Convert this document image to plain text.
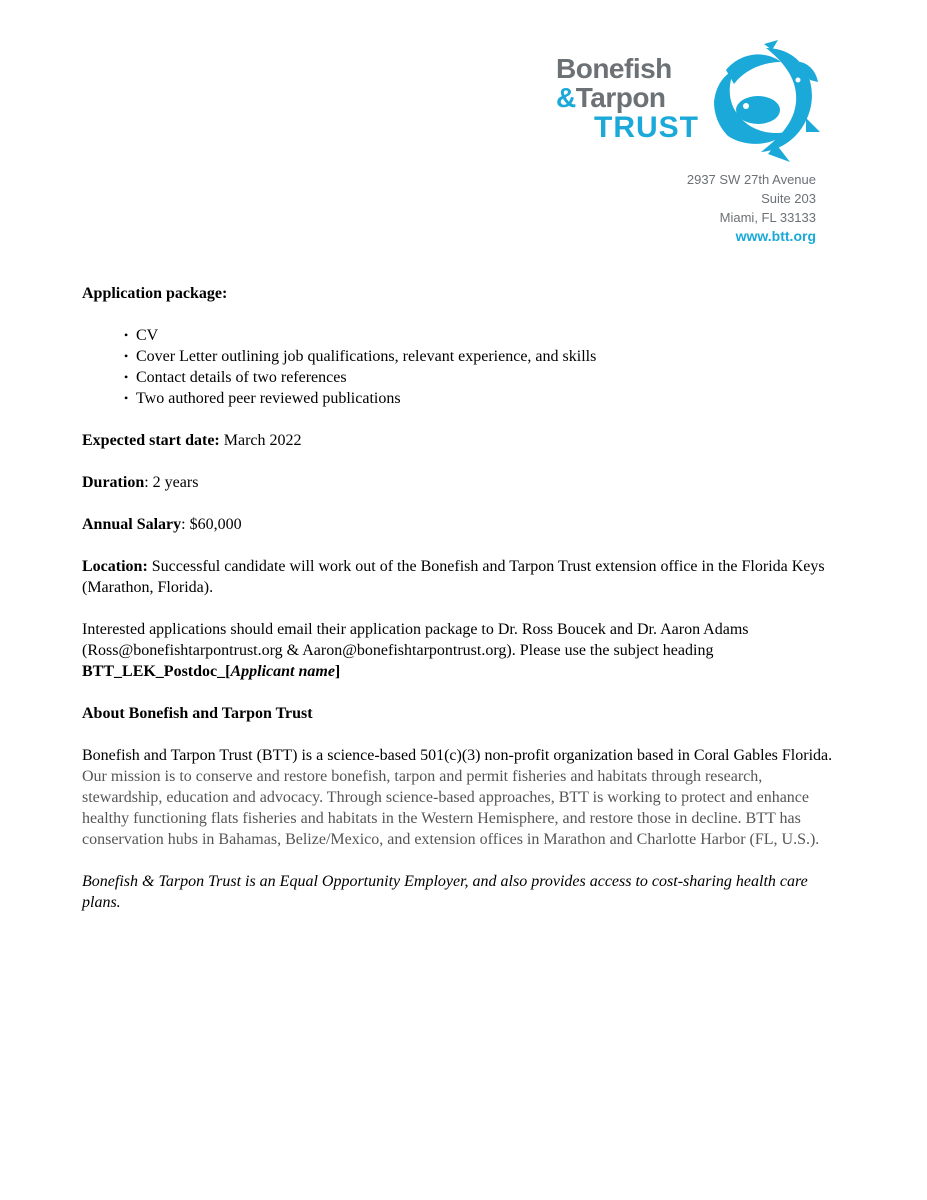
Bonefish
&Tarpon
TRUST
2937 SW 27th Avenue
Suite 203
Miami, FL 33133
www.btt.org

Application package:

• CV
• Cover Letter outlining job qualifications, relevant experience, and skills
• Contact details of two references
• Two authored peer reviewed publications

Expected start date: March 2022

Duration: 2 years

Annual Salary: $60,000

Location: Successful candidate will work out of the Bonefish and Tarpon Trust extension office in the Florida Keys (Marathon, Florida).

Interested applications should email their application package to Dr. Ross Boucek and Dr. Aaron Adams (Ross@bonefishtarpontrust.org & Aaron@bonefishtarpontrust.org). Please use the subject heading
BTT_LEK_Postdoc_[Applicant name]

About Bonefish and Tarpon Trust

Bonefish and Tarpon Trust (BTT) is a science-based 501(c)(3) non-profit organization based in Coral Gables Florida. Our mission is to conserve and restore bonefish, tarpon and permit fisheries and habitats through research, stewardship, education and advocacy. Through science-based approaches, BTT is working to protect and enhance healthy functioning flats fisheries and habitats in the Western Hemisphere, and restore those in decline. BTT has conservation hubs in Bahamas, Belize/Mexico, and extension offices in Marathon and Charlotte Harbor (FL, U.S.).

Bonefish & Tarpon Trust is an Equal Opportunity Employer, and also provides access to cost-sharing health care plans.
